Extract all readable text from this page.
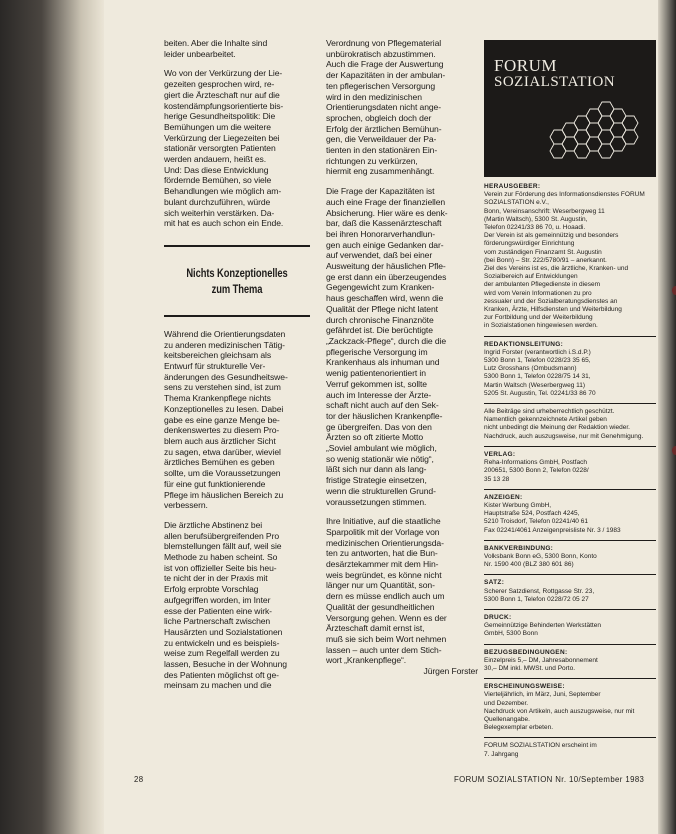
beiten. Aber die Inhalte sind
leider unbearbeitet.

Wo von der Verkürzung der Lie-
gezeiten gesprochen wird, re-
giert die Ärzteschaft nur auf die
kostendämpfungsorientierte bis-
herige Gesundheitspolitik: Die
Bemühungen um die weitere
Verkürzung der Liegezeiten bei
stationär versorgten Patienten
werden andauern, heißt es.
Und: Das diese Entwicklung
fördernde Bemühen, so viele
Behandlungen wie möglich am-
bulant durchzuführen, würde
sich weiterhin verstärken. Da-
mit hat es auch schon ein Ende.

Nichts Konzeptionelles
zum Thema

Während die Orientierungsdaten
zu anderen medizinischen Tätig-
keitsbereichen gleichsam als
Entwurf für strukturelle Ver-
änderungen des Gesundheitswe-
sens zu verstehen sind, ist zum
Thema Krankenpflege nichts
Konzeptionelles zu lesen. Dabei
gabe es eine ganze Menge be-
denkenswertes zu diesem Pro-
blem auch aus ärztlicher Sicht
zu sagen, etwa darüber, wieviel
ärztliches Bemühen es geben
sollte, um die Voraussetzungen
für eine gut funktionierende
Pflege im häuslichen Bereich zu
verbessern.

Die ärztliche Abstinenz bei
allen berufsübergreifenden Pro
blemstellungen fällt auf, weil sie
Methode zu haben scheint. So
ist von offizieller Seite bis heu-
te nicht der in der Praxis mit
Erfolg erprobte Vorschlag
aufgegriffen worden, im Inter
esse der Patienten eine wirk-
liche Partnerschaft zwischen
Hausärzten und Sozialstationen
zu entwickeln und es beispiels-
weise zum Regelfall werden zu
lassen, Besuche in der Wohnung
des Patienten möglichst oft ge-
meinsam zu machen und die

Verordnung von Pflegematerial
unbürokratisch abzustimmen.
Auch die Frage der Auswertung
der Kapazitäten in der ambulan-
ten pflegerischen Versorgung
wird in den medizinischen
Orientierungsdaten nicht ange-
sprochen, obgleich doch der
Erfolg der ärztlichen Bemühun-
gen, die Verweildauer der Pa-
tienten in den stationären Ein-
richtungen zu verkürzen,
hiermit eng zusammenhängt.

Die Frage der Kapazitäten ist
auch eine Frage der finanziellen
Absicherung. Hier wäre es denk-
bar, daß die Kassenärzteschaft
bei ihren Honorarverhandlun-
gen auch einige Gedanken dar-
auf verwendet, daß bei einer
Ausweitung der häuslichen Pfle-
ge erst dann ein überzeugendes
Gegengewicht zum Kranken-
haus geschaffen wird, wenn die
Qualität der Pflege nicht latent
durch chronische Finanznöte
gefährdet ist. Die berüchtigte
„Zackzack-Pflege“, durch die die
pflegerische Versorgung im
Krankenhaus als inhuman und
wenig patientenorientiert in
Verruf gekommen ist, sollte
auch im Interesse der Ärzte-
schaft nicht auch auf den Sek-
tor der häuslichen Krankenpfle-
ge übergreifen. Das von den
Ärzten so oft zitierte Motto
„Soviel ambulant wie möglich,
so wenig stationär wie nötig“,
läßt sich nur dann als lang-
fristige Strategie einsetzen,
wenn die strukturellen Grund-
voraussetzungen stimmen.

Ihre Initiative, auf die staatliche
Sparpolitik mit der Vorlage von
medizinischen Orientierungsda-
ten zu antworten, hat die Bun-
desärztekammer mit dem Hin-
weis begründet, es könne nicht
länger nur um Quantität, son-
dern es müsse endlich auch um
Qualität der gesundheitlichen
Versorgung gehen. Wenn es der
Ärzteschaft damit ernst ist,
muß sie sich beim Wort nehmen
lassen – auch unter dem Stich-
wort „Krankenpflege“.

Jürgen Forster
FORUM
SOZIALSTATION
HERAUSGEBER:
Verein zur Förderung des Informationsdienstes FORUM SOZIALSTATION e.V.,
Bonn, Vereinsanschrift: Weserbergweg 11
(Martin Waltsch), 5300 St. Augustin,
Telefon 02241/33 86 70, u. Hoaadi.
Der Verein ist als gemeinnützig und besonders förderungswürdiger Einrichtung
vom zuständigen Finanzamt St. Augustin
(bei Bonn) – Str. 222/5780/91 – anerkannt.
Ziel des Vereins ist es, die ärztliche, Kranken- und Sozialbereich auf Entwicklungen
der ambulanten Pflegedienste in diesem
wird vom Verein Informationen zu pro
zessualer und der Sozialberatungsdienstes an
Kranken, Ärzte, Hilfsdiensten und Weiterbildung
zur Fortbildung und der Weiterbildung
in Sozialstationen hingewiesen werden.
REDAKTIONSLEITUNG:
Ingrid Forster (verantwortlich i.S.d.P.)
5300 Bonn 1, Telefon 0228/23 35 65,
Lutz Grosshans (Ombudsmann)
5300 Bonn 1, Telefon 0228/75 14 31,
Martin Waltsch (Weserbergweg 11)
5205 St. Augustin, Tel. 02241/33 86 70
Alle Beiträge sind urheberrechtlich geschützt.
Namentlich gekennzeichnete Artikel geben
nicht unbedingt die Meinung der Redaktion wieder.
Nachdruck, auch auszugsweise, nur mit Genehmigung.
VERLAG:
Reha-Informations GmbH, Postfach
200651, 5300 Bonn 2, Telefon 0228/
35 13 28
ANZEIGEN:
Kister Werbung GmbH,
Hauptstraße 524, Postfach 4245,
5210 Troisdorf, Telefon 02241/40 61
Fax 02241/4061 Anzeigenpreisliste Nr. 3 / 1983
BANKVERBINDUNG:
Volksbank Bonn eG, 5300 Bonn, Konto
Nr. 1590 400 (BLZ 380 601 86)
SATZ:
Scherer Satzdienst, Rottgasse Str. 23,
5300 Bonn 1, Telefon 0228/72 05 27
DRUCK:
Gemeinnützige Behinderten Werkstätten
GmbH, 5300 Bonn
BEZUGSBEDINGUNGEN:
Einzelpreis 5,– DM, Jahresabonnement
30,– DM inkl. MWSt. und Porto.
ERSCHEINUNGSWEISE:
Vierteljährlich, im März, Juni, September
und Dezember.
Nachdruck von Artikeln, auch auszugsweise, nur mit Quellenangabe.
Belegexemplar erbeten.
FORUM SOZIALSTATION erscheint im
7. Jahrgang
28	FORUM SOZIALSTATION Nr. 10/September 1983
